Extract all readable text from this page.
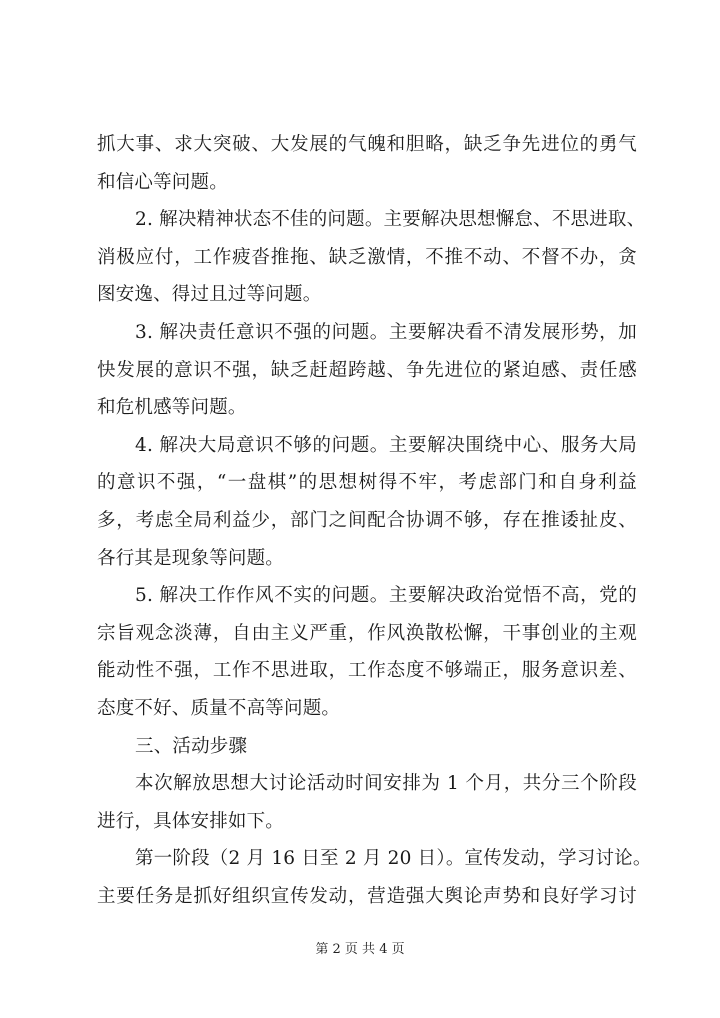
抓大事、求大突破、大发展的气魄和胆略，缺乏争先进位的勇气
和信心等问题。
2. 解决精神状态不佳的问题。主要解决思想懈怠、不思进取、
消极应付，工作疲沓推拖、缺乏激情，不推不动、不督不办，贪
图安逸、得过且过等问题。
3. 解决责任意识不强的问题。主要解决看不清发展形势，加
快发展的意识不强，缺乏赶超跨越、争先进位的紧迫感、责任感
和危机感等问题。
4. 解决大局意识不够的问题。主要解决围绕中心、服务大局
的意识不强，“一盘棋”的思想树得不牢，考虑部门和自身利益
多，考虑全局利益少，部门之间配合协调不够，存在推诿扯皮、
各行其是现象等问题。
5. 解决工作作风不实的问题。主要解决政治觉悟不高，党的
宗旨观念淡薄，自由主义严重，作风涣散松懈，干事创业的主观
能动性不强，工作不思进取，工作态度不够端正，服务意识差、
态度不好、质量不高等问题。
三、活动步骤
本次解放思想大讨论活动时间安排为 1 个月，共分三个阶段
进行，具体安排如下。
第一阶段（2 月 16 日至 2 月 20 日）。宣传发动，学习讨论。
主要任务是抓好组织宣传发动，营造强大舆论声势和良好学习讨
第 2 页 共 4 页
